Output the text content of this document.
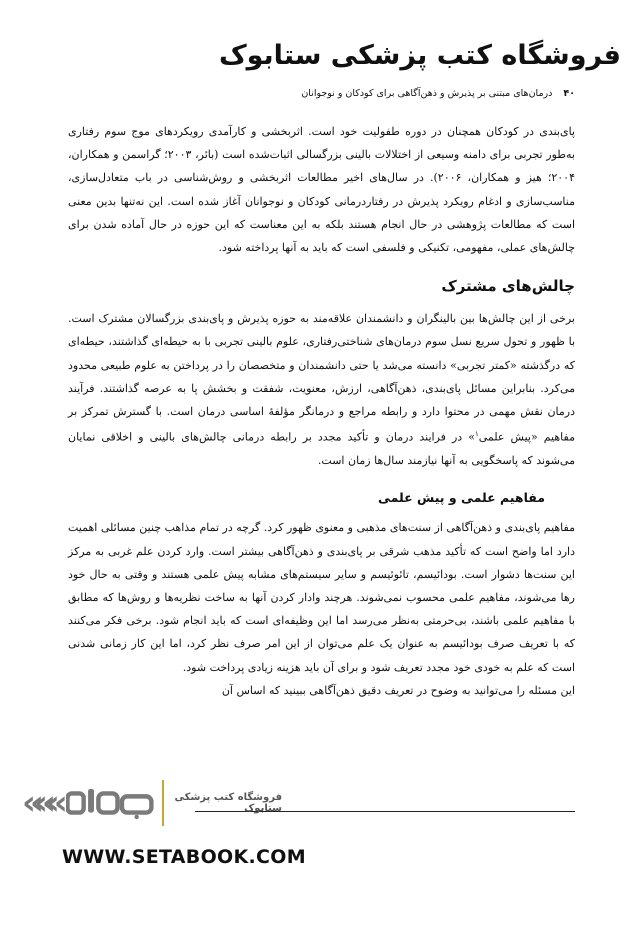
فروشگاه کتب پزشکی ستابوک
۴۰ درمان‌های مبتنی بر پذیرش و ذهن‌آگاهی برای کودکان و نوجوانان

پای‌بندی در کودکان همچنان در دوره طفولیت خود است. اثربخشی و کارآمدی رویکردهای موج سوم رفتاری به‌طور تجربی برای دامنه وسیعی از اختلالات بالینی بزرگسالی اثبات‌شده است (بائر، ۲۰۰۳؛ گراسمن و همکاران، ۲۰۰۴؛ هیز و همکاران، ۲۰۰۶). در سال‌های اخیر مطالعات اثربخشی و روش‌شناسی در باب متعادل‌سازی، مناسب‌سازی و ادغام رویکرد پذیرش در رفتاردرمانی کودکان و نوجوانان آغاز شده است. این نه‌تنها بدین معنی است که مطالعات پژوهشی در حال انجام هستند بلکه به این معناست که این حوزه در حال آماده شدن برای چالش‌های عملی، مفهومی، تکنیکی و فلسفی است که باید به آنها پرداخته شود.

چالش‌های مشترک

برخی از این چالش‌ها بین بالینگران و دانشمندان علاقه‌مند به حوزه پذیرش و پای‌بندی بزرگسالان مشترک است. با ظهور و تحول سریع نسل سوم درمان‌های شناختی‌رفتاری، علوم بالینی تجربی با به حیطه‌ای گذاشتند، حیطه‌ای که درگذشته «کمتر تجربی» دانسته می‌شد یا حتی دانشمندان و متخصصان را در پرداختن به علوم طبیعی محدود می‌کرد. بنابراین مسائل پای‌بندی، ذهن‌آگاهی، ارزش، معنویت، شفقت و بخشش پا به عرصه گذاشتند. فرآیند درمان نقش مهمی در محتوا دارد و رابطه مراجع و درمانگر مؤلفهٔ اساسی درمان است. با گسترش تمرکز بر مفاهیم «پیش علمی$^۱$» در فرایند درمان و تأکید مجدد بر رابطه درمانی چالش‌های بالینی و اخلاقی نمایان می‌شوند که پاسخگویی به آنها نیازمند سال‌ها زمان است.

مفاهیم علمی و پیش علمی

مفاهیم پای‌بندی و ذهن‌آگاهی از سنت‌های مذهبی و معنوی ظهور کرد. گرچه در تمام مذاهب چنین مسائلی اهمیت دارد اما واضح است که تأکید مذهب شرقی بر پای‌بندی و ذهن‌آگاهی بیشتر است. وارد کردن علم غربی به مرکز این سنت‌ها دشوار است. بودائیسم، تائوئیسم و سایر سیستم‌های مشابه پیش علمی هستند و وقتی به حال خود رها می‌شوند، مفاهیم علمی محسوب نمی‌شوند. هرچند وادار کردن آنها به ساخت نظریه‌ها و روش‌ها که مطابق با مفاهیم علمی باشند، بی‌حرمتی به‌نظر می‌رسد اما این وظیفه‌ای است که باید انجام شود. برخی فکر می‌کنند که با تعریف صرف بودائیسم به عنوان یک علم می‌توان از این امر صرف نظر کرد، اما این کار زمانی شدنی است که علم به خودی خود مجدد تعریف شود و برای آن باید هزینه زیادی پرداخت شود.

این مسئله را می‌توانید به وضوح در تعریف دقیق ذهن‌آگاهی ببینید که اساس آن

«««	فروشگاه کتب پزشکی ستابوک
WWW.SETABOOK.COM
